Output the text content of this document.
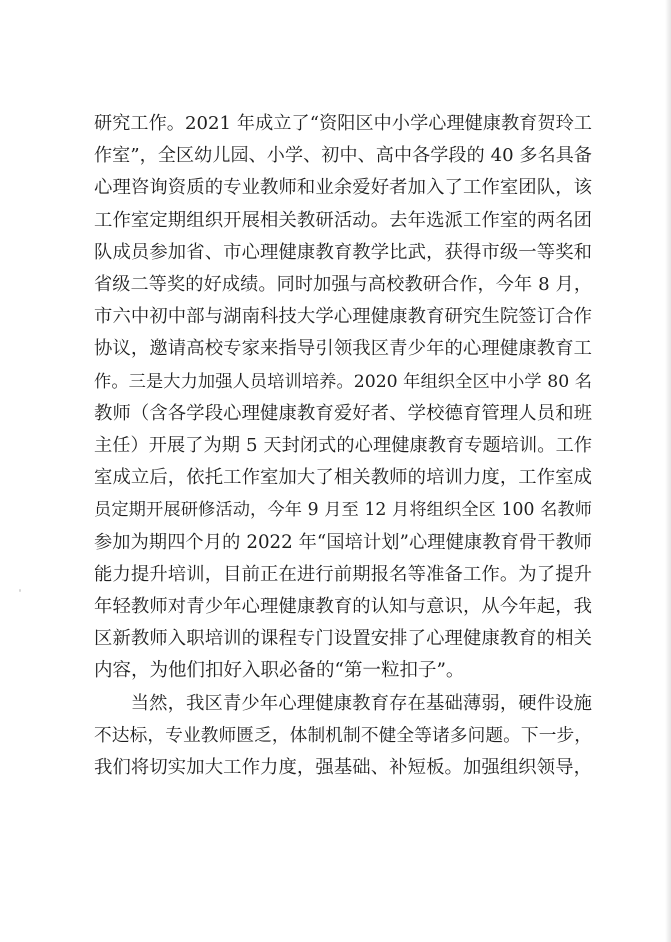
研究工作。2021 年成立了“资阳区中小学心理健康教育贺玲工
作室”，全区幼儿园、小学、初中、高中各学段的 40 多名具备
心理咨询资质的专业教师和业余爱好者加入了工作室团队，该
工作室定期组织开展相关教研活动。去年选派工作室的两名团
队成员参加省、市心理健康教育教学比武，获得市级一等奖和
省级二等奖的好成绩。同时加强与高校教研合作，今年 8 月，
市六中初中部与湖南科技大学心理健康教育研究生院签订合作
协议，邀请高校专家来指导引领我区青少年的心理健康教育工
作。三是大力加强人员培训培养。2020 年组织全区中小学 80 名
教师（含各学段心理健康教育爱好者、学校德育管理人员和班
主任）开展了为期 5 天封闭式的心理健康教育专题培训。工作
室成立后，依托工作室加大了相关教师的培训力度，工作室成
员定期开展研修活动，今年 9 月至 12 月将组织全区 100 名教师
参加为期四个月的 2022 年“国培计划”心理健康教育骨干教师
能力提升培训，目前正在进行前期报名等准备工作。为了提升
年轻教师对青少年心理健康教育的认知与意识，从今年起，我
区新教师入职培训的课程专门设置安排了心理健康教育的相关
内容，为他们扣好入职必备的“第一粒扣子”。

当然，我区青少年心理健康教育存在基础薄弱，硬件设施
不达标，专业教师匮乏，体制机制不健全等诸多问题。下一步，
我们将切实加大工作力度，强基础、补短板。加强组织领导，
